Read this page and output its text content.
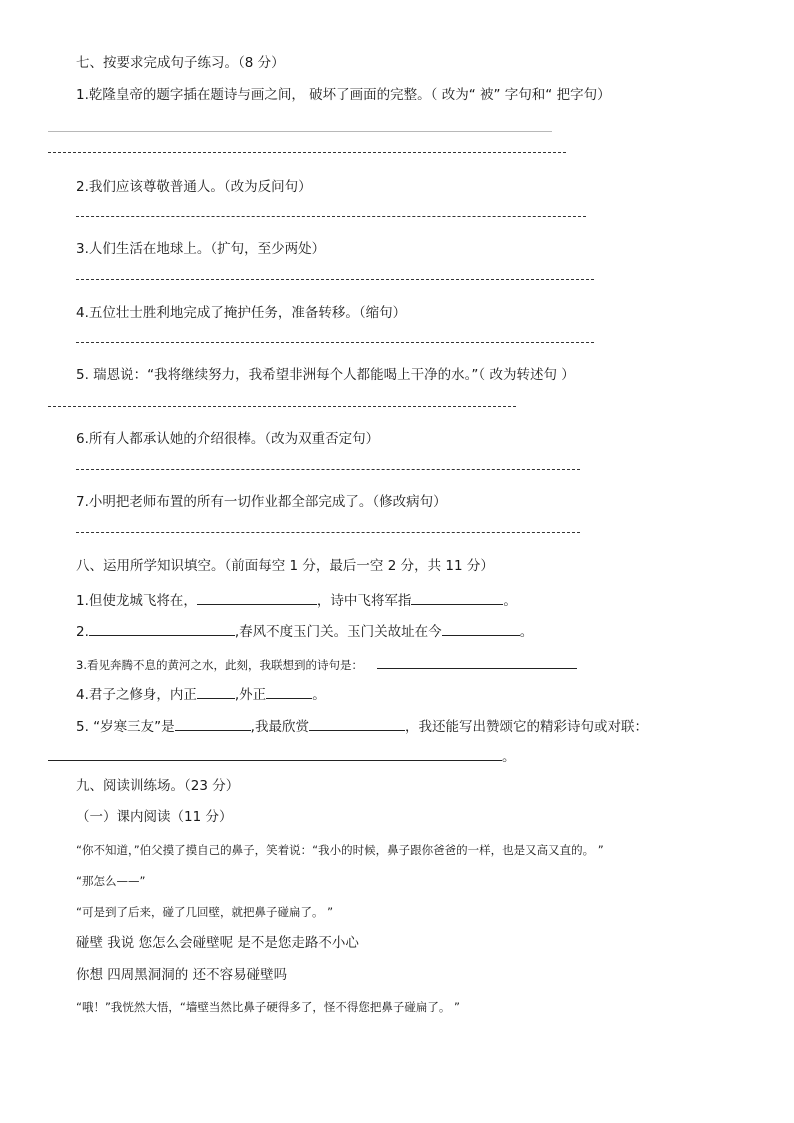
七、按要求完成句子练习。（8 分）
1.乾隆皇帝的题字插在题诗与画之间， 破坏了画面的完整。（ 改为“ 被” 字句和“ 把字句）
2.我们应该尊敬普通人。（改为反问句）
3.人们生活在地球上。（扩句，至少两处）
4.五位壮士胜利地完成了掩护任务，准备转移。（缩句）
5. 瑞恩说：“我将继续努力，我希望非洲每个人都能喝上干净的水。”（ 改为转述句 ）
6.所有人都承认她的介绍很棒。（改为双重否定句）
7.小明把老师布置的所有一切作业都全部完成了。（修改病句）
八、运用所学知识填空。（前面每空 1 分，最后一空 2 分，共 11 分）
1.但使龙城飞将在，	，诗中飞将军指	。
2.	,春风不度玉门关。玉门关故址在今	。
3.看见奔腾不息的黄河之水，此刻，我联想到的诗句是：
4.君子之修身，内正	,外正	。
5. “岁寒三友”是	,我最欣赏	，我还能写出赞颂它的精彩诗句或对联：
。
九、阅读训练场。（23 分）
（一）课内阅读（11 分）
“你不知道，”伯父摸了摸自己的鼻子，笑着说：“我小的时候，鼻子跟你爸爸的一样，也是又高又直的。 ”
“那怎么——”
“可是到了后来，碰了几回壁，就把鼻子碰扁了。 ”
碰壁 我说 您怎么会碰壁呢 是不是您走路不小心
你想 四周黑洞洞的 还不容易碰壁吗
“哦！”我恍然大悟，“墙壁当然比鼻子硬得多了，怪不得您把鼻子碰扁了。 ”
